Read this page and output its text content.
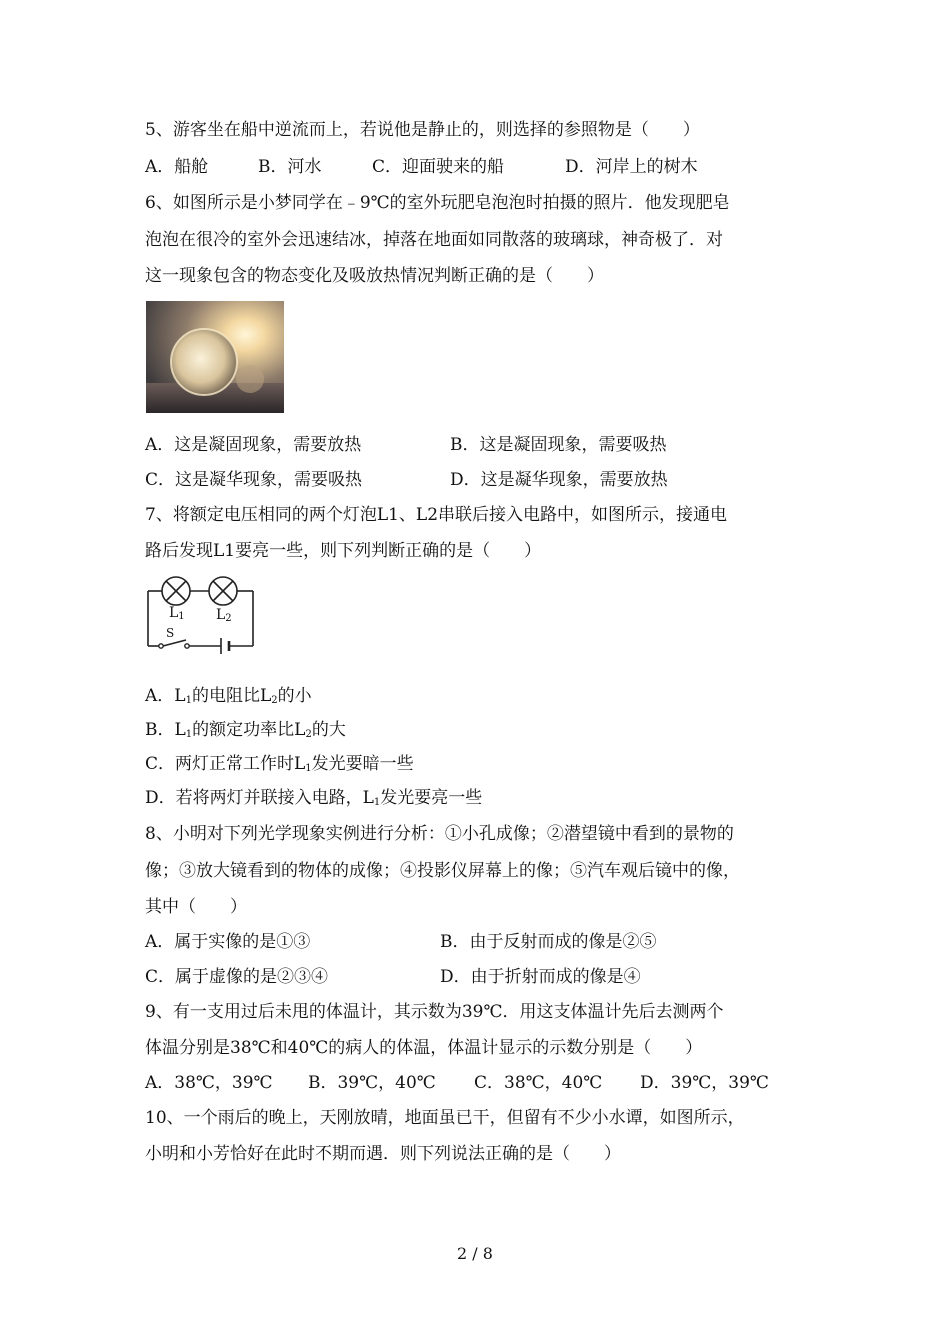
5、游客坐在船中逆流而上，若说他是静止的，则选择的参照物是（　　）
A．船舱	B．河水	C．迎面驶来的船	D．河岸上的树木
6、如图所示是小梦同学在﹣9℃的室外玩肥皂泡泡时拍摄的照片．他发现肥皂
泡泡在很冷的室外会迅速结冰，掉落在地面如同散落的玻璃球，神奇极了．对
这一现象包含的物态变化及吸放热情况判断正确的是（　　）
A．这是凝固现象，需要放热	B．这是凝固现象，需要吸热
C．这是凝华现象，需要吸热	D．这是凝华现象，需要放热
7、将额定电压相同的两个灯泡L1、L2串联后接入电路中，如图所示，接通电
路后发现L1要亮一些，则下列判断正确的是（　　）
$L_1$ $L_2$
S
A．$L_1$的电阻比$L_2$的小
B．$L_1$的额定功率比$L_2$的大
C．两灯正常工作时$L_1$发光要暗一些
D．若将两灯并联接入电路，$L_1$发光要亮一些
8、小明对下列光学现象实例进行分析：①小孔成像；②潜望镜中看到的景物的
像；③放大镜看到的物体的成像；④投影仪屏幕上的像；⑤汽车观后镜中的像，
其中（　　）
A．属于实像的是①③	B．由于反射而成的像是②⑤
C．属于虚像的是②③④	D．由于折射而成的像是④
9、有一支用过后未甩的体温计，其示数为39℃．用这支体温计先后去测两个
体温分别是38℃和40℃的病人的体温，体温计显示的示数分别是（　　）
A．38℃，39℃ B．39℃，40℃ C．38℃，40℃ D．39℃，39℃
10、一个雨后的晚上，天刚放晴，地面虽已干，但留有不少小水谭，如图所示，
小明和小芳恰好在此时不期而遇．则下列说法正确的是（　　）
2 / 8
